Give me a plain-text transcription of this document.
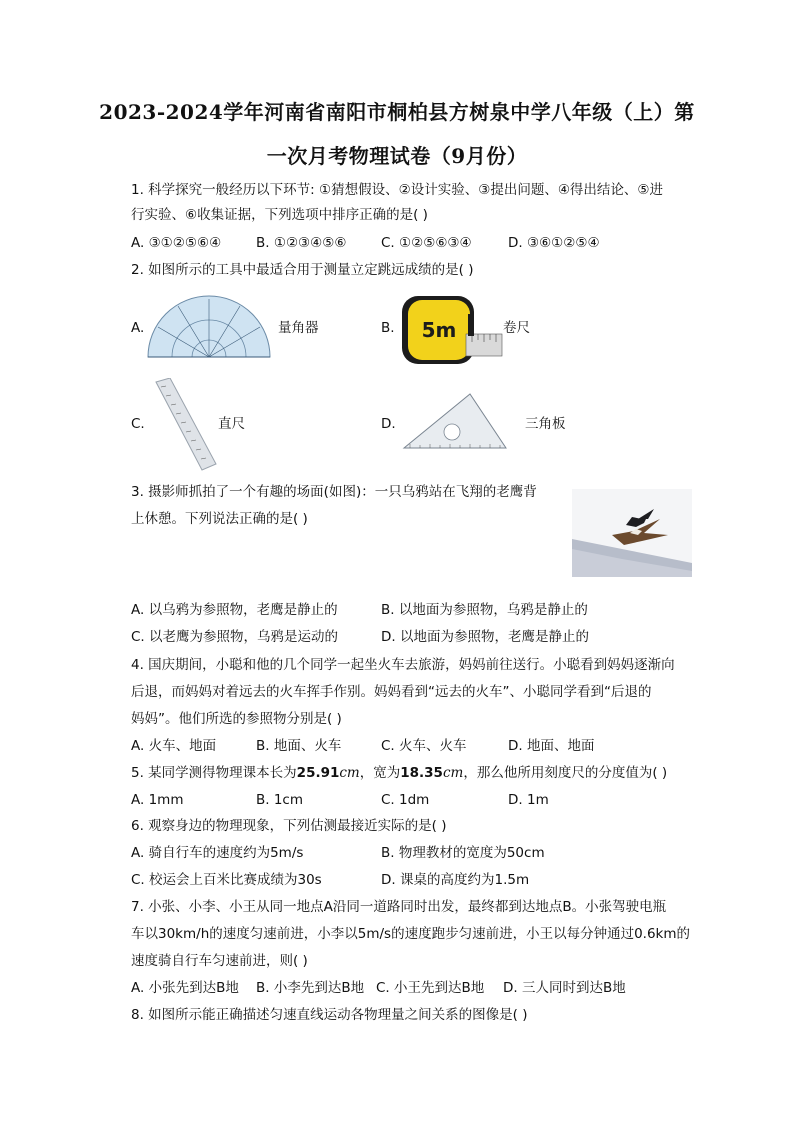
2023-2024学年河南省南阳市桐柏县方树泉中学八年级（上）第
一次月考物理试卷（9月份）
1. 科学探究一般经历以下环节: ①猜想假设、②设计实验、③提出问题、④得出结论、⑤进
行实验、⑥收集证据，下列选项中排序正确的是( )
A. ③①②⑤⑥④	B. ①②③④⑤⑥	C. ①②⑤⑥③④	D. ③⑥①②⑤④
2. 如图所示的工具中最适合用于测量立定跳远成绩的是( )
A.	量角器	B. 5m	卷尺
C.	直尺	D.	三角板
3. 摄影师抓拍了一个有趣的场面(如图)：一只乌鸦站在飞翔的老鹰背
上休憩。下列说法正确的是( )
A. 以乌鸦为参照物，老鹰是静止的	B. 以地面为参照物，乌鸦是静止的
C. 以老鹰为参照物，乌鸦是运动的	D. 以地面为参照物，老鹰是静止的
4. 国庆期间，小聪和他的几个同学一起坐火车去旅游，妈妈前往送行。小聪看到妈妈逐渐向
后退，而妈妈对着远去的火车挥手作别。妈妈看到“远去的火车”、小聪同学看到“后退的
妈妈”。他们所选的参照物分别是( )
A. 火车、地面	B. 地面、火车	C. 火车、火车	D. 地面、地面
5. 某同学测得物理课本长为25.91cm，宽为18.35cm，那么他所用刻度尺的分度值为( )
A. 1mm	B. 1cm	C. 1dm	D. 1m
6. 观察身边的物理现象，下列估测最接近实际的是( )
A. 骑自行车的速度约为5m/s	B. 物理教材的宽度为50cm
C. 校运会上百米比赛成绩为30s	D. 课桌的高度约为1.5m
7. 小张、小李、小王从同一地点A沿同一道路同时出发，最终都到达地点B。小张驾驶电瓶
车以30km/h的速度匀速前进，小李以5m/s的速度跑步匀速前进，小王以每分钟通过0.6km的
速度骑自行车匀速前进，则( )
A. 小张先到达B地 B. 小李先到达B地 C. 小王先到达B地 D. 三人同时到达B地
8. 如图所示能正确描述匀速直线运动各物理量之间关系的图像是( )
